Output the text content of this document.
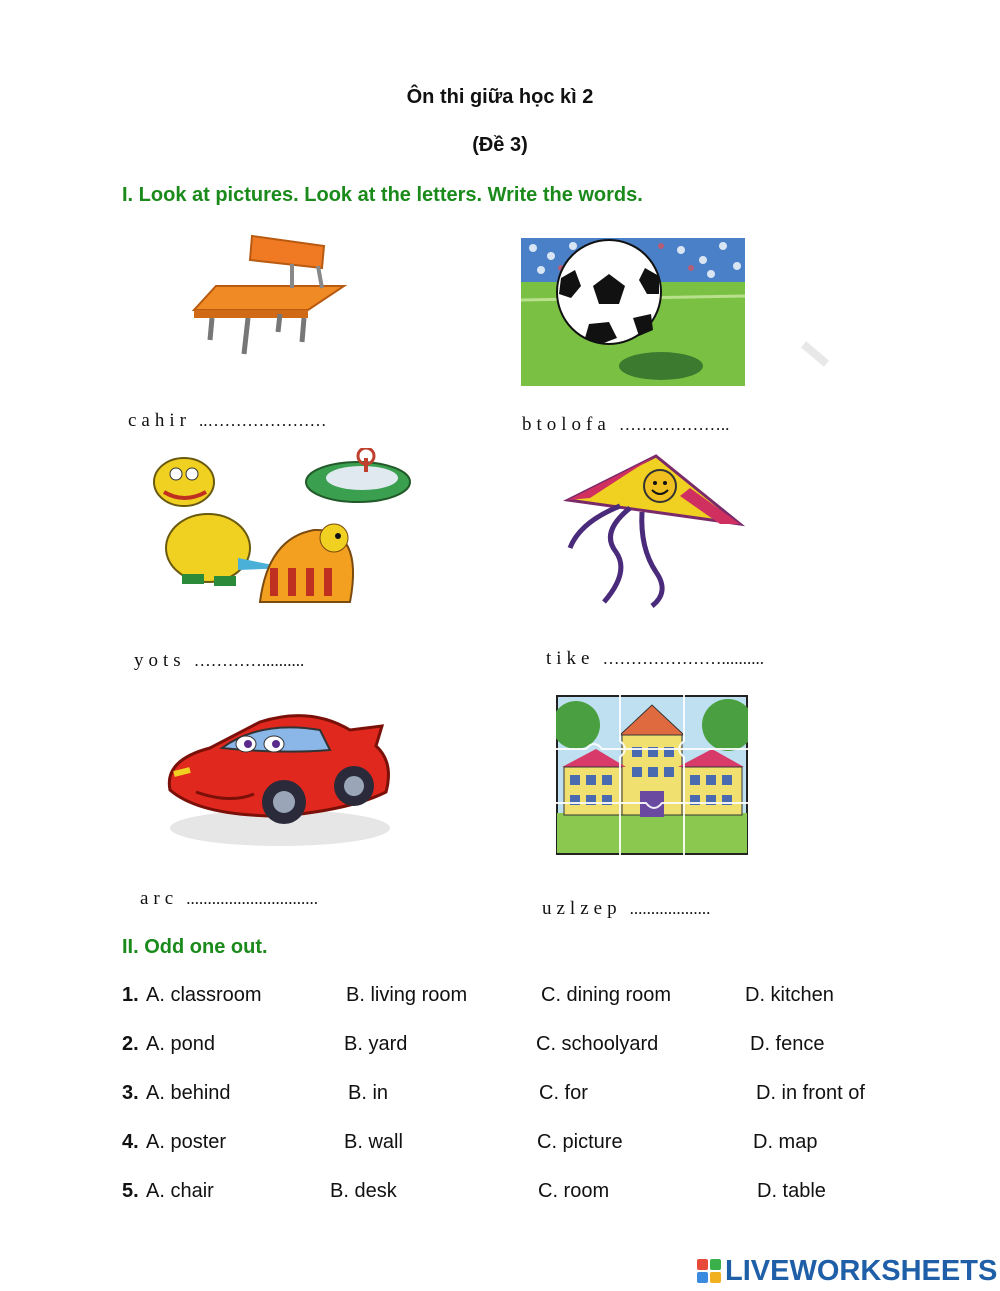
Ôn thi giữa học kì 2
(Đề 3)
I. Look at pictures. Look at the letters. Write the words.
cahir ..…………………	btolofa ………………..
yots …………..........	tike …………………..........
arc ...............................	uzlzep ...................
II. Odd one out.
1. A. classroom	B. living room	C. dining room	D. kitchen
2. A. pond	B. yard	C. schoolyard	D. fence
3. A. behind	B. in	C. for	D. in front of
4. A. poster	B. wall	C. picture	D. map
5. A. chair	B. desk	C. room	D. table
LIVEWORKSHEETS
